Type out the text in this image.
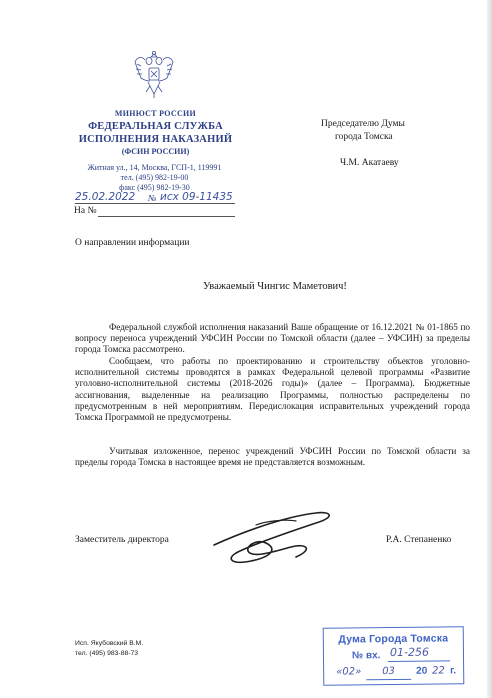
МИНЮСТ РОССИИ
ФЕДЕРАЛЬНАЯ СЛУЖБА
ИСПОЛНЕНИЯ НАКАЗАНИЙ
(ФСИН РОССИИ)
Житная ул., 14, Москва, ГСП-1, 119991
тел. (495) 982-19-00
факс (495) 982-19-30
25.02.2022 № исх 09-11435
На №
Председателю Думы
города Томска
Ч.М. Акатаеву
О направлении информации
Уважаемый Чингис Маметович!
Федеральной службой исполнения наказаний Ваше обращение от 16.12.2021 № 01-1865 по вопросу переноса учреждений УФСИН России по Томской области (далее – УФСИН) за пределы города Томска рассмотрено.
Сообщаем, что работы по проектированию и строительству объектов уголовно-исполнительной системы проводятся в рамках Федеральной целевой программы «Развитие уголовно-исполнительной системы (2018-2026 годы)» (далее – Программа). Бюджетные ассигнования, выделенные на реализацию Программы, полностью распределены по предусмотренным в ней мероприятиям. Передислокация исправительных учреждений города Томска Программой не предусмотрены.
Учитывая изложенное, перенос учреждений УФСИН России по Томской области за пределы города Томска в настоящее время не представляется возможным.
Заместитель директора	Р.А. Степаненко
Исп. Якубовский В.М.
тел. (495) 983-88-73
Дума Города Томска
№ вх. 01-256
«02» 03 20 22 г.
